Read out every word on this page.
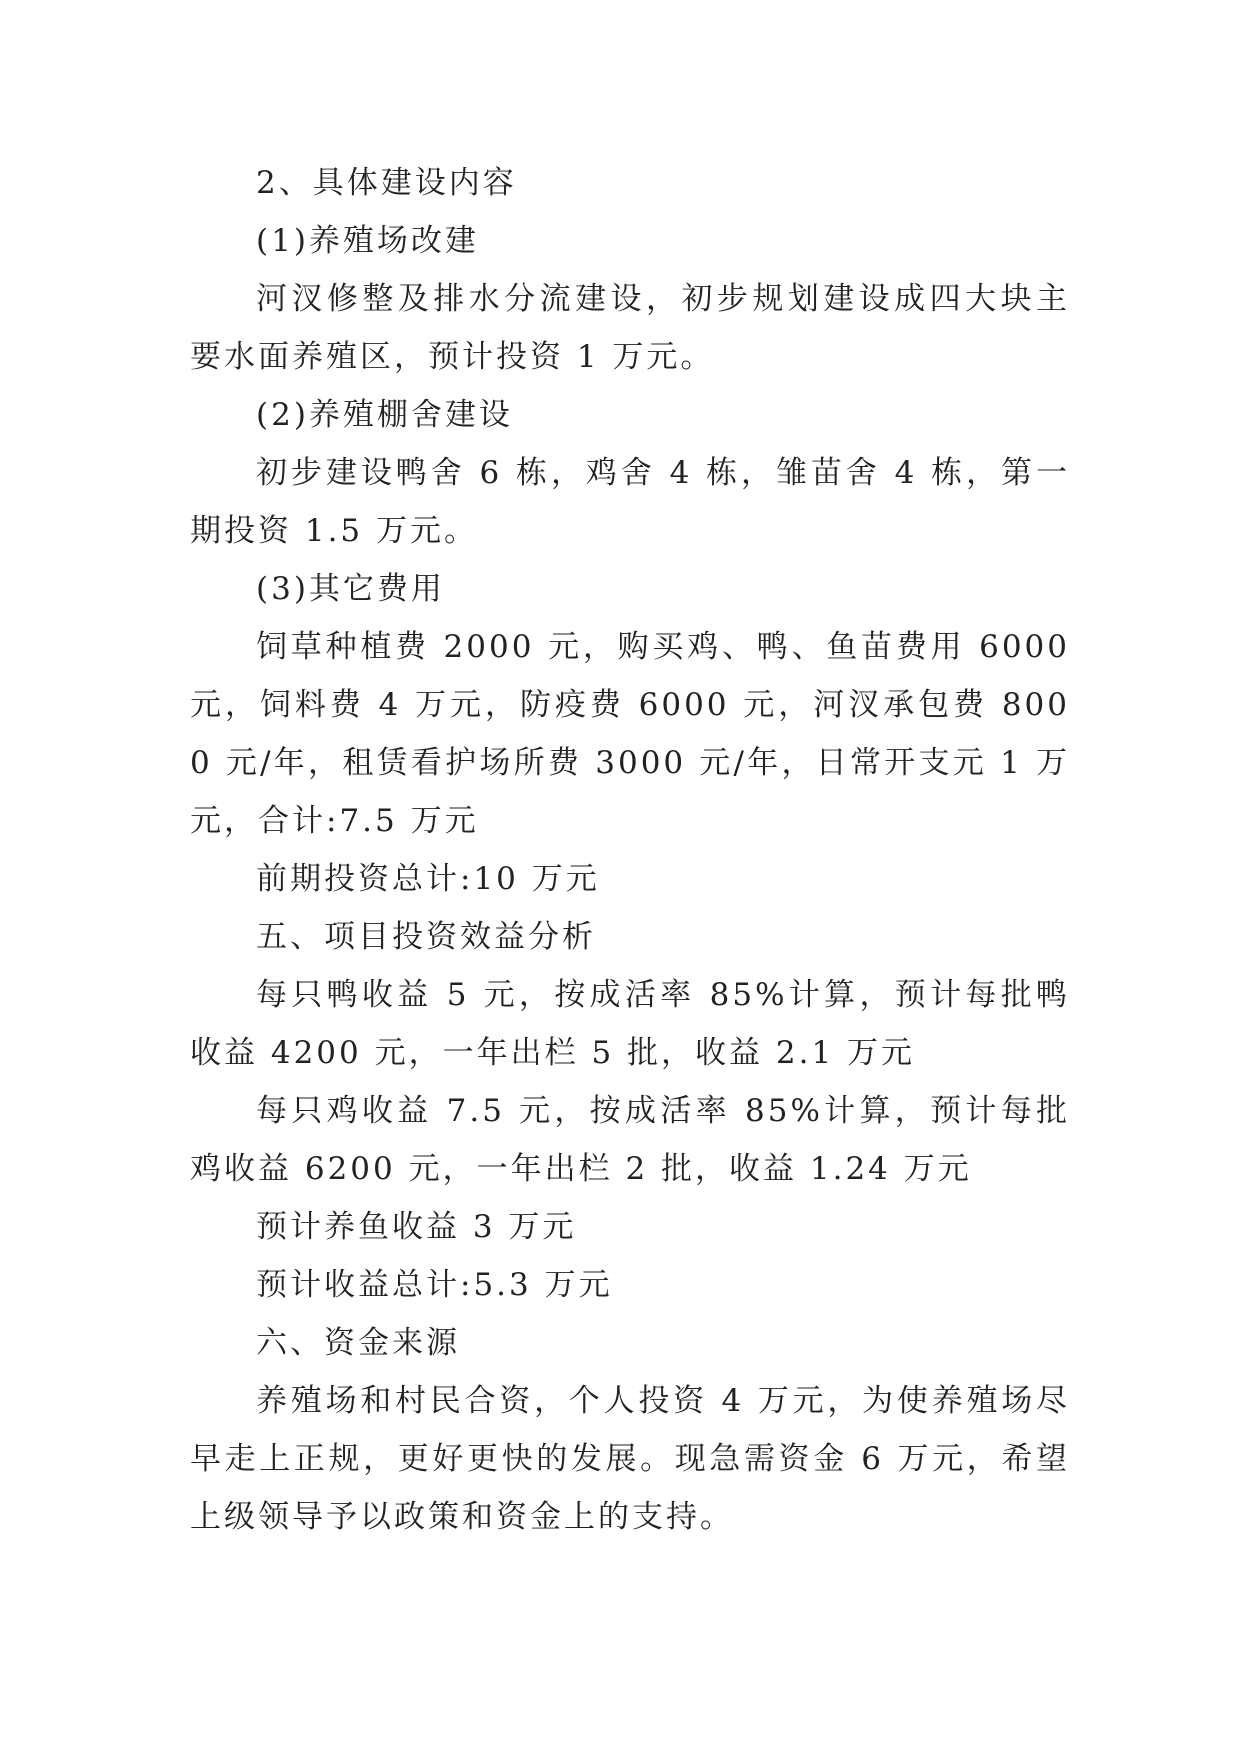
2、具体建设内容

(1)养殖场改建

河汊修整及排水分流建设，初步规划建设成四大块主要水面养殖区，预计投资 1 万元。

(2)养殖棚舍建设

初步建设鸭舍 6 栋，鸡舍 4 栋，雏苗舍 4 栋，第一期投资 1.5 万元。

(3)其它费用

饲草种植费 2000 元，购买鸡、鸭、鱼苗费用 6000 元，饲料费 4 万元，防疫费 6000 元，河汊承包费 8000 元/年，租赁看护场所费 3000 元/年，日常开支元 1 万元，合计:7.5 万元

前期投资总计:10 万元

五、项目投资效益分析

每只鸭收益 5 元，按成活率 85%计算，预计每批鸭收益 4200 元，一年出栏 5 批，收益 2.1 万元

每只鸡收益 7.5 元，按成活率 85%计算，预计每批鸡收益 6200 元，一年出栏 2 批，收益 1.24 万元

预计养鱼收益 3 万元

预计收益总计:5.3 万元

六、资金来源

养殖场和村民合资，个人投资 4 万元，为使养殖场尽早走上正规，更好更快的发展。现急需资金 6 万元，希望上级领导予以政策和资金上的支持。
